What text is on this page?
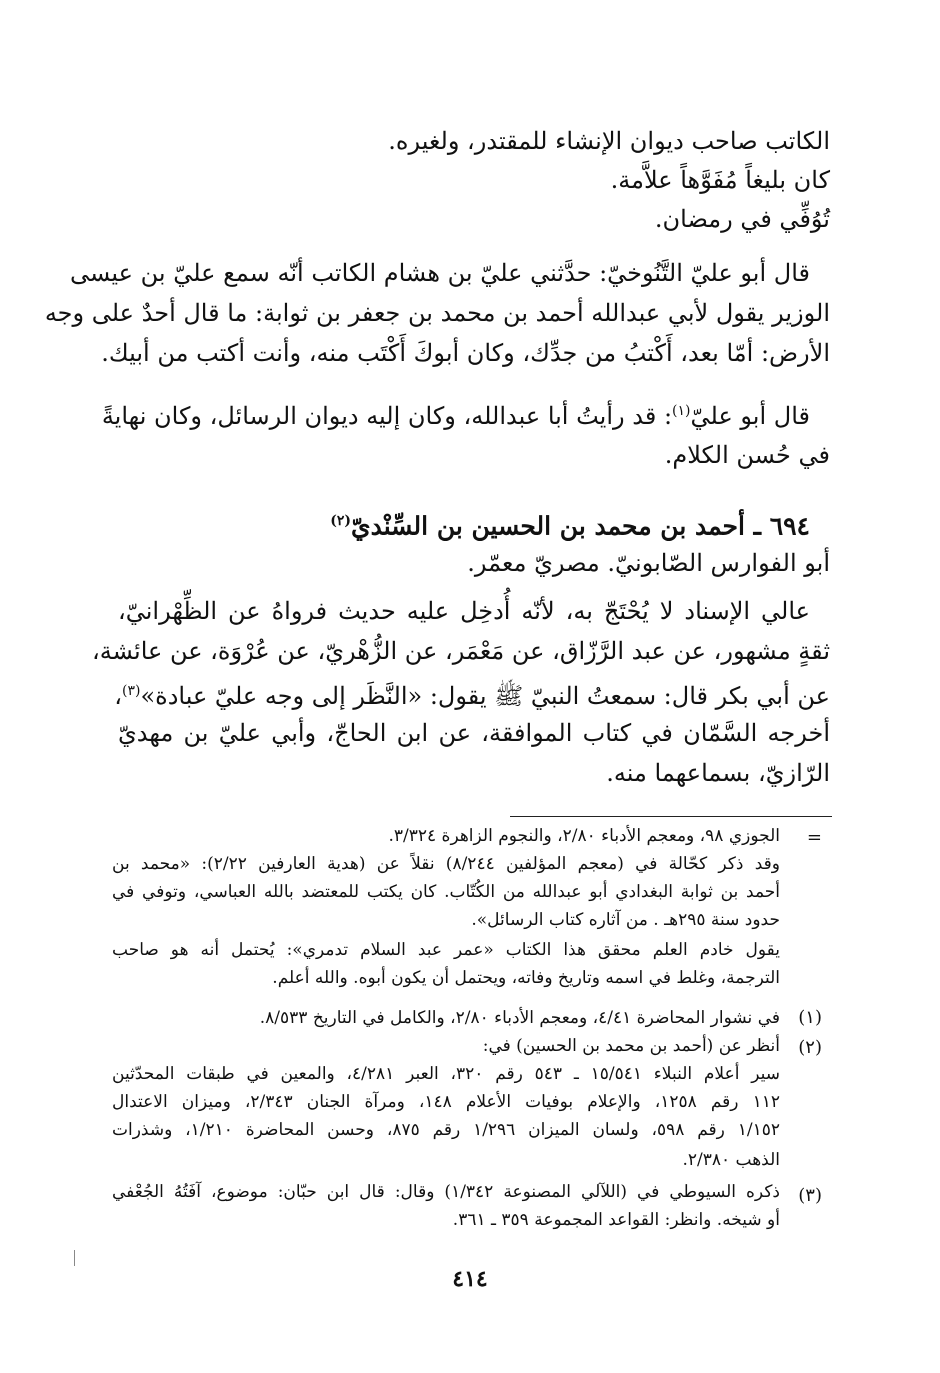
الكاتب صاحب ديوان الإنشاء للمقتدر، ولغيره.
كان بليغاً مُفَوَّهاً علاَّمة.
تُوُفِّي في رمضان.
قال أبو عليّ التَّنُوخيّ: حدَّثني عليّ بن هشام الكاتب أنّه سمع عليّ بن عيسى
الوزير يقول لأبي عبدالله أحمد بن محمد بن جعفر بن ثوابة: ما قال أحدٌ على وجه
الأرض: أمّا بعد، أَكْتبُ من جدِّك، وكان أبوكَ أَكْتَب منه، وأنت أكتب من أبيك.
قال أبو عليّ$^{(١)}$: قد رأيتُ أبا عبدالله، وكان إليه ديوان الرسائل، وكان نهايةً
في حُسن الكلام.
٦٩٤ ـ أحمد بن محمد بن الحسين بن السِّنْديّ$^{(٢)}$
أبو الفوارس الصّابونيّ. مصريّ معمّر.
عالي الإسناد لا يُحْتَجّ به، لأنّه أُدخِل عليه حديث فرواهُ عن الظِّهْرانيّ،
ثقةٍ مشهور، عن عبد الرَّزّاق، عن مَعْمَر، عن الزُّهْريّ، عن عُرْوَة، عن عائشة،
عن أبي بكر قال: سمعتُ النبيّ ﷺ يقول: «النَّظَر إلى وجه عليّ عبادة»$^{(٣)}$،
أخرجه السَّمّان في كتاب الموافقة، عن ابن الحاجّ، وأبي عليّ بن مهديّ
الرّازيّ، بسماعهما منه.
=
الجوزي ٩٨، ومعجم الأدباء ٢/٨٠، والنجوم الزاهرة ٣/٣٢٤.
وقد ذكر كحّالة في (معجم المؤلفين ٨/٢٤٤) نقلاً عن (هدية العارفين ٢/٢٢): «محمد بن
أحمد بن ثوابة البغدادي أبو عبدالله من الكُتّاب. كان يكتب للمعتضد بالله العباسي، وتوفي في
حدود سنة ٢٩٥هـ . من آثاره كتاب الرسائل».
يقول خادم العلم محقق هذا الكتاب «عمر عبد السلام تدمري»: يُحتمل أنه هو صاحب
الترجمة، وغلط في اسمه وتاريخ وفاته، ويحتمل أن يكون أبوه. والله أعلم.
(١)
في نشوار المحاضرة ٤/٤١، ومعجم الأدباء ٢/٨٠، والكامل في التاريخ ٨/٥٣٣.
(٢)
أنظر عن (أحمد بن محمد بن الحسين) في:
سير أعلام النبلاء ١٥/٥٤١ ـ ٥٤٣ رقم ٣٢٠، العبر ٤/٢٨١، والمعين في طبقات المحدّثين
١١٢ رقم ١٢٥٨، والإعلام بوفيات الأعلام ١٤٨، ومرآة الجنان ٢/٣٤٣، وميزان الاعتدال
١/١٥٢ رقم ٥٩٨، ولسان الميزان ١/٢٩٦ رقم ٨٧٥، وحسن المحاضرة ١/٢١٠، وشذرات
الذهب ٢/٣٨٠.
(٣)
ذكره السيوطي في (اللآلي المصنوعة ١/٣٤٢) وقال: قال ابن حبّان: موضوع، آفَتُهُ الجُعْفي
أو شيخه. وانظر: القواعد المجموعة ٣٥٩ ـ ٣٦١.
٤١٤
